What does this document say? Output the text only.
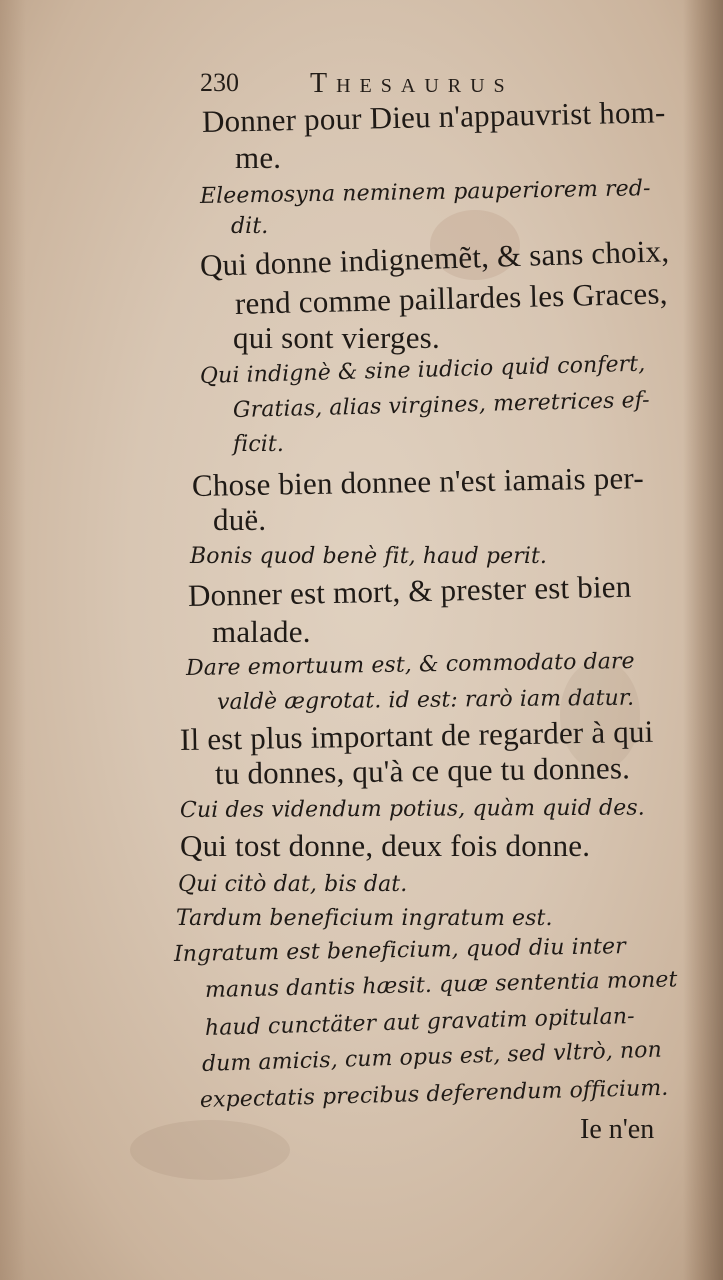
230	Thesaurus
Donner pour Dieu n'appauvrist hom-
me.
Eleemosyna neminem pauperiorem red-
dit.
Qui donne indignemẽt, & sans choix,
rend comme paillardes les Graces,
qui sont vierges.
Qui indignè & sine iudicio quid confert,
Gratias, alias virgines, meretrices ef-
ficit.
Chose bien donnee n'est iamais per-
duë.
Bonis quod benè fit, haud perit.
Donner est mort, & prester est bien
malade.
Dare emortuum est, & commodato dare
valdè ægrotat. id est: rarò iam datur.
Il est plus important de regarder à qui
tu donnes, qu'à ce que tu donnes.
Cui des videndum potius, quàm quid des.
Qui tost donne, deux fois donne.
Qui citò dat, bis dat.
Tardum beneficium ingratum est.
Ingratum est beneficium, quod diu inter
manus dantis hæsit. quæ sententia monet
haud cunctäter aut gravatim opitulan-
dum amicis, cum opus est, sed vltrò, non
expectatis precibus deferendum officium.
Ie n'en
